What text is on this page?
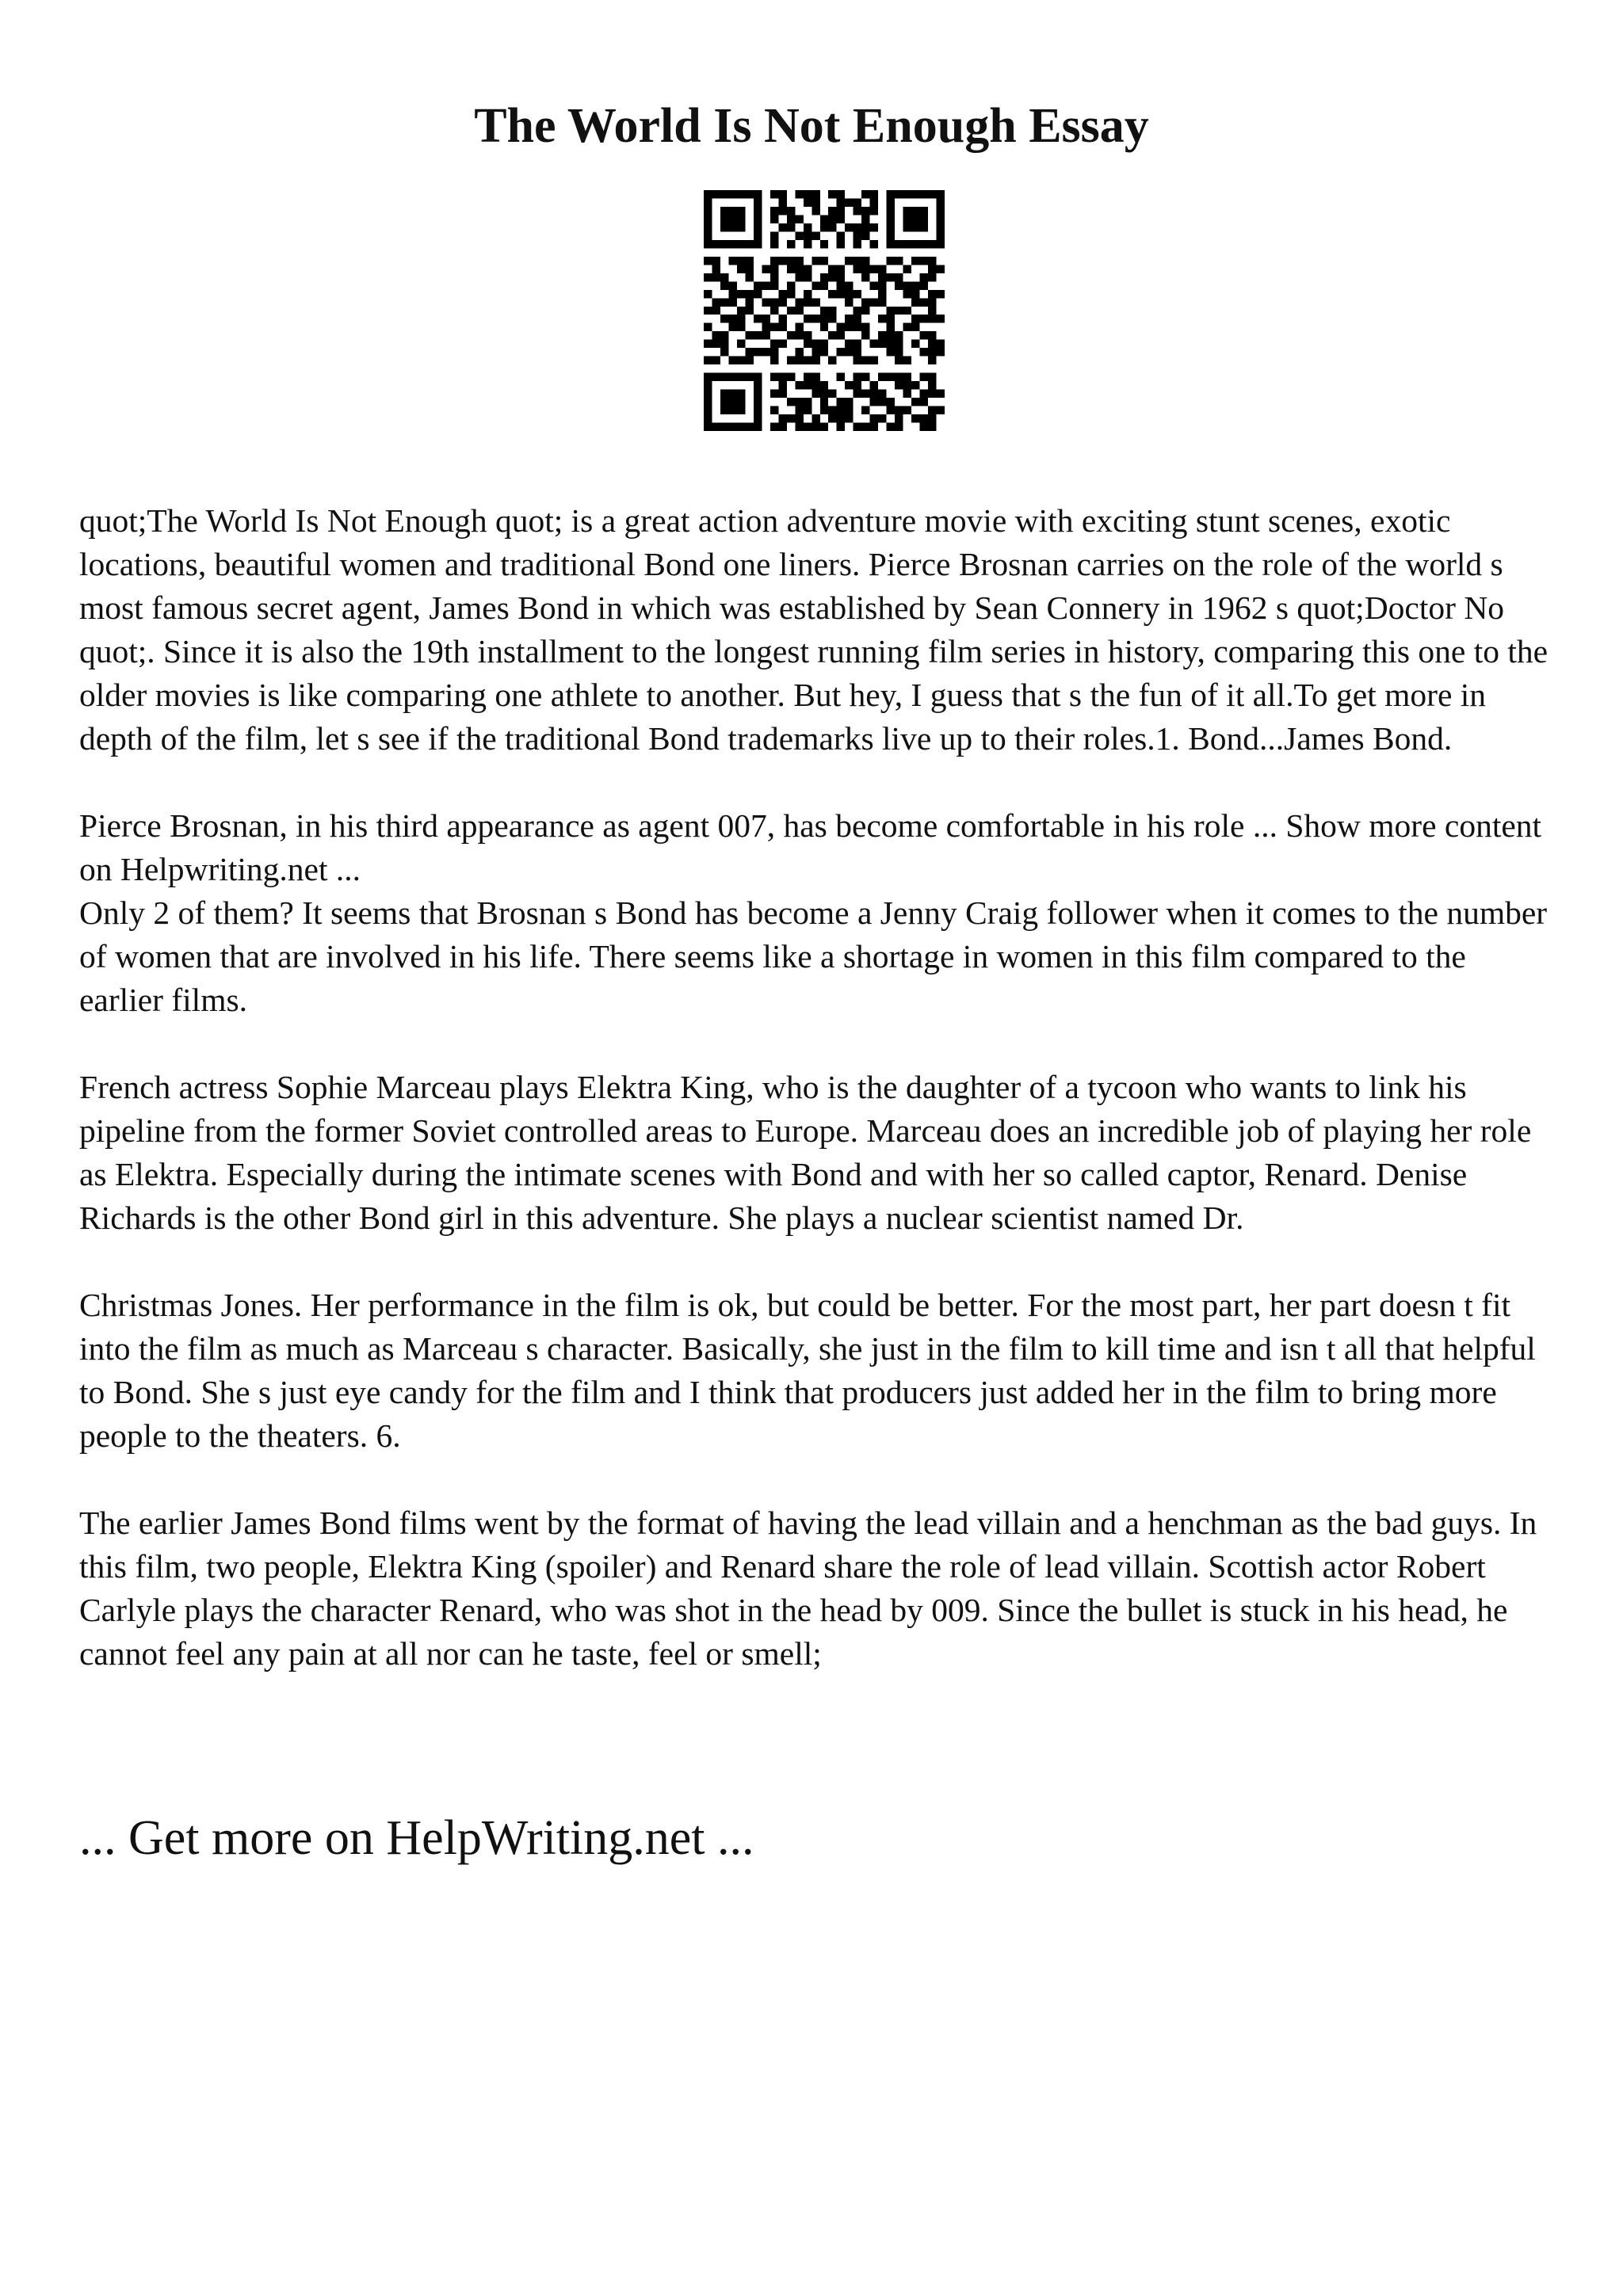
The World Is Not Enough Essay

quot;The World Is Not Enough quot; is a great action adventure movie with exciting stunt scenes, exotic locations, beautiful women and traditional Bond one liners. Pierce Brosnan carries on the role of the world s most famous secret agent, James Bond in which was established by Sean Connery in 1962 s quot;Doctor No quot;. Since it is also the 19th installment to the longest running film series in history, comparing this one to the older movies is like comparing one athlete to another. But hey, I guess that s the fun of it all.To get more in depth of the film, let s see if the traditional Bond trademarks live up to their roles.1. Bond...James Bond.

Pierce Brosnan, in his third appearance as agent 007, has become comfortable in his role ... Show more content on Helpwriting.net ...

Only 2 of them? It seems that Brosnan s Bond has become a Jenny Craig follower when it comes to the number of women that are involved in his life. There seems like a shortage in women in this film compared to the earlier films.

French actress Sophie Marceau plays Elektra King, who is the daughter of a tycoon who wants to link his pipeline from the former Soviet controlled areas to Europe. Marceau does an incredible job of playing her role as Elektra. Especially during the intimate scenes with Bond and with her so called captor, Renard. Denise Richards is the other Bond girl in this adventure. She plays a nuclear scientist named Dr.

Christmas Jones. Her performance in the film is ok, but could be better. For the most part, her part doesn t fit into the film as much as Marceau s character. Basically, she just in the film to kill time and isn t all that helpful to Bond. She s just eye candy for the film and I think that producers just added her in the film to bring more people to the theaters. 6.

The earlier James Bond films went by the format of having the lead villain and a henchman as the bad guys. In this film, two people, Elektra King (spoiler) and Renard share the role of lead villain. Scottish actor Robert Carlyle plays the character Renard, who was shot in the head by 009. Since the bullet is stuck in his head, he cannot feel any pain at all nor can he taste, feel or smell;

... Get more on HelpWriting.net ...
